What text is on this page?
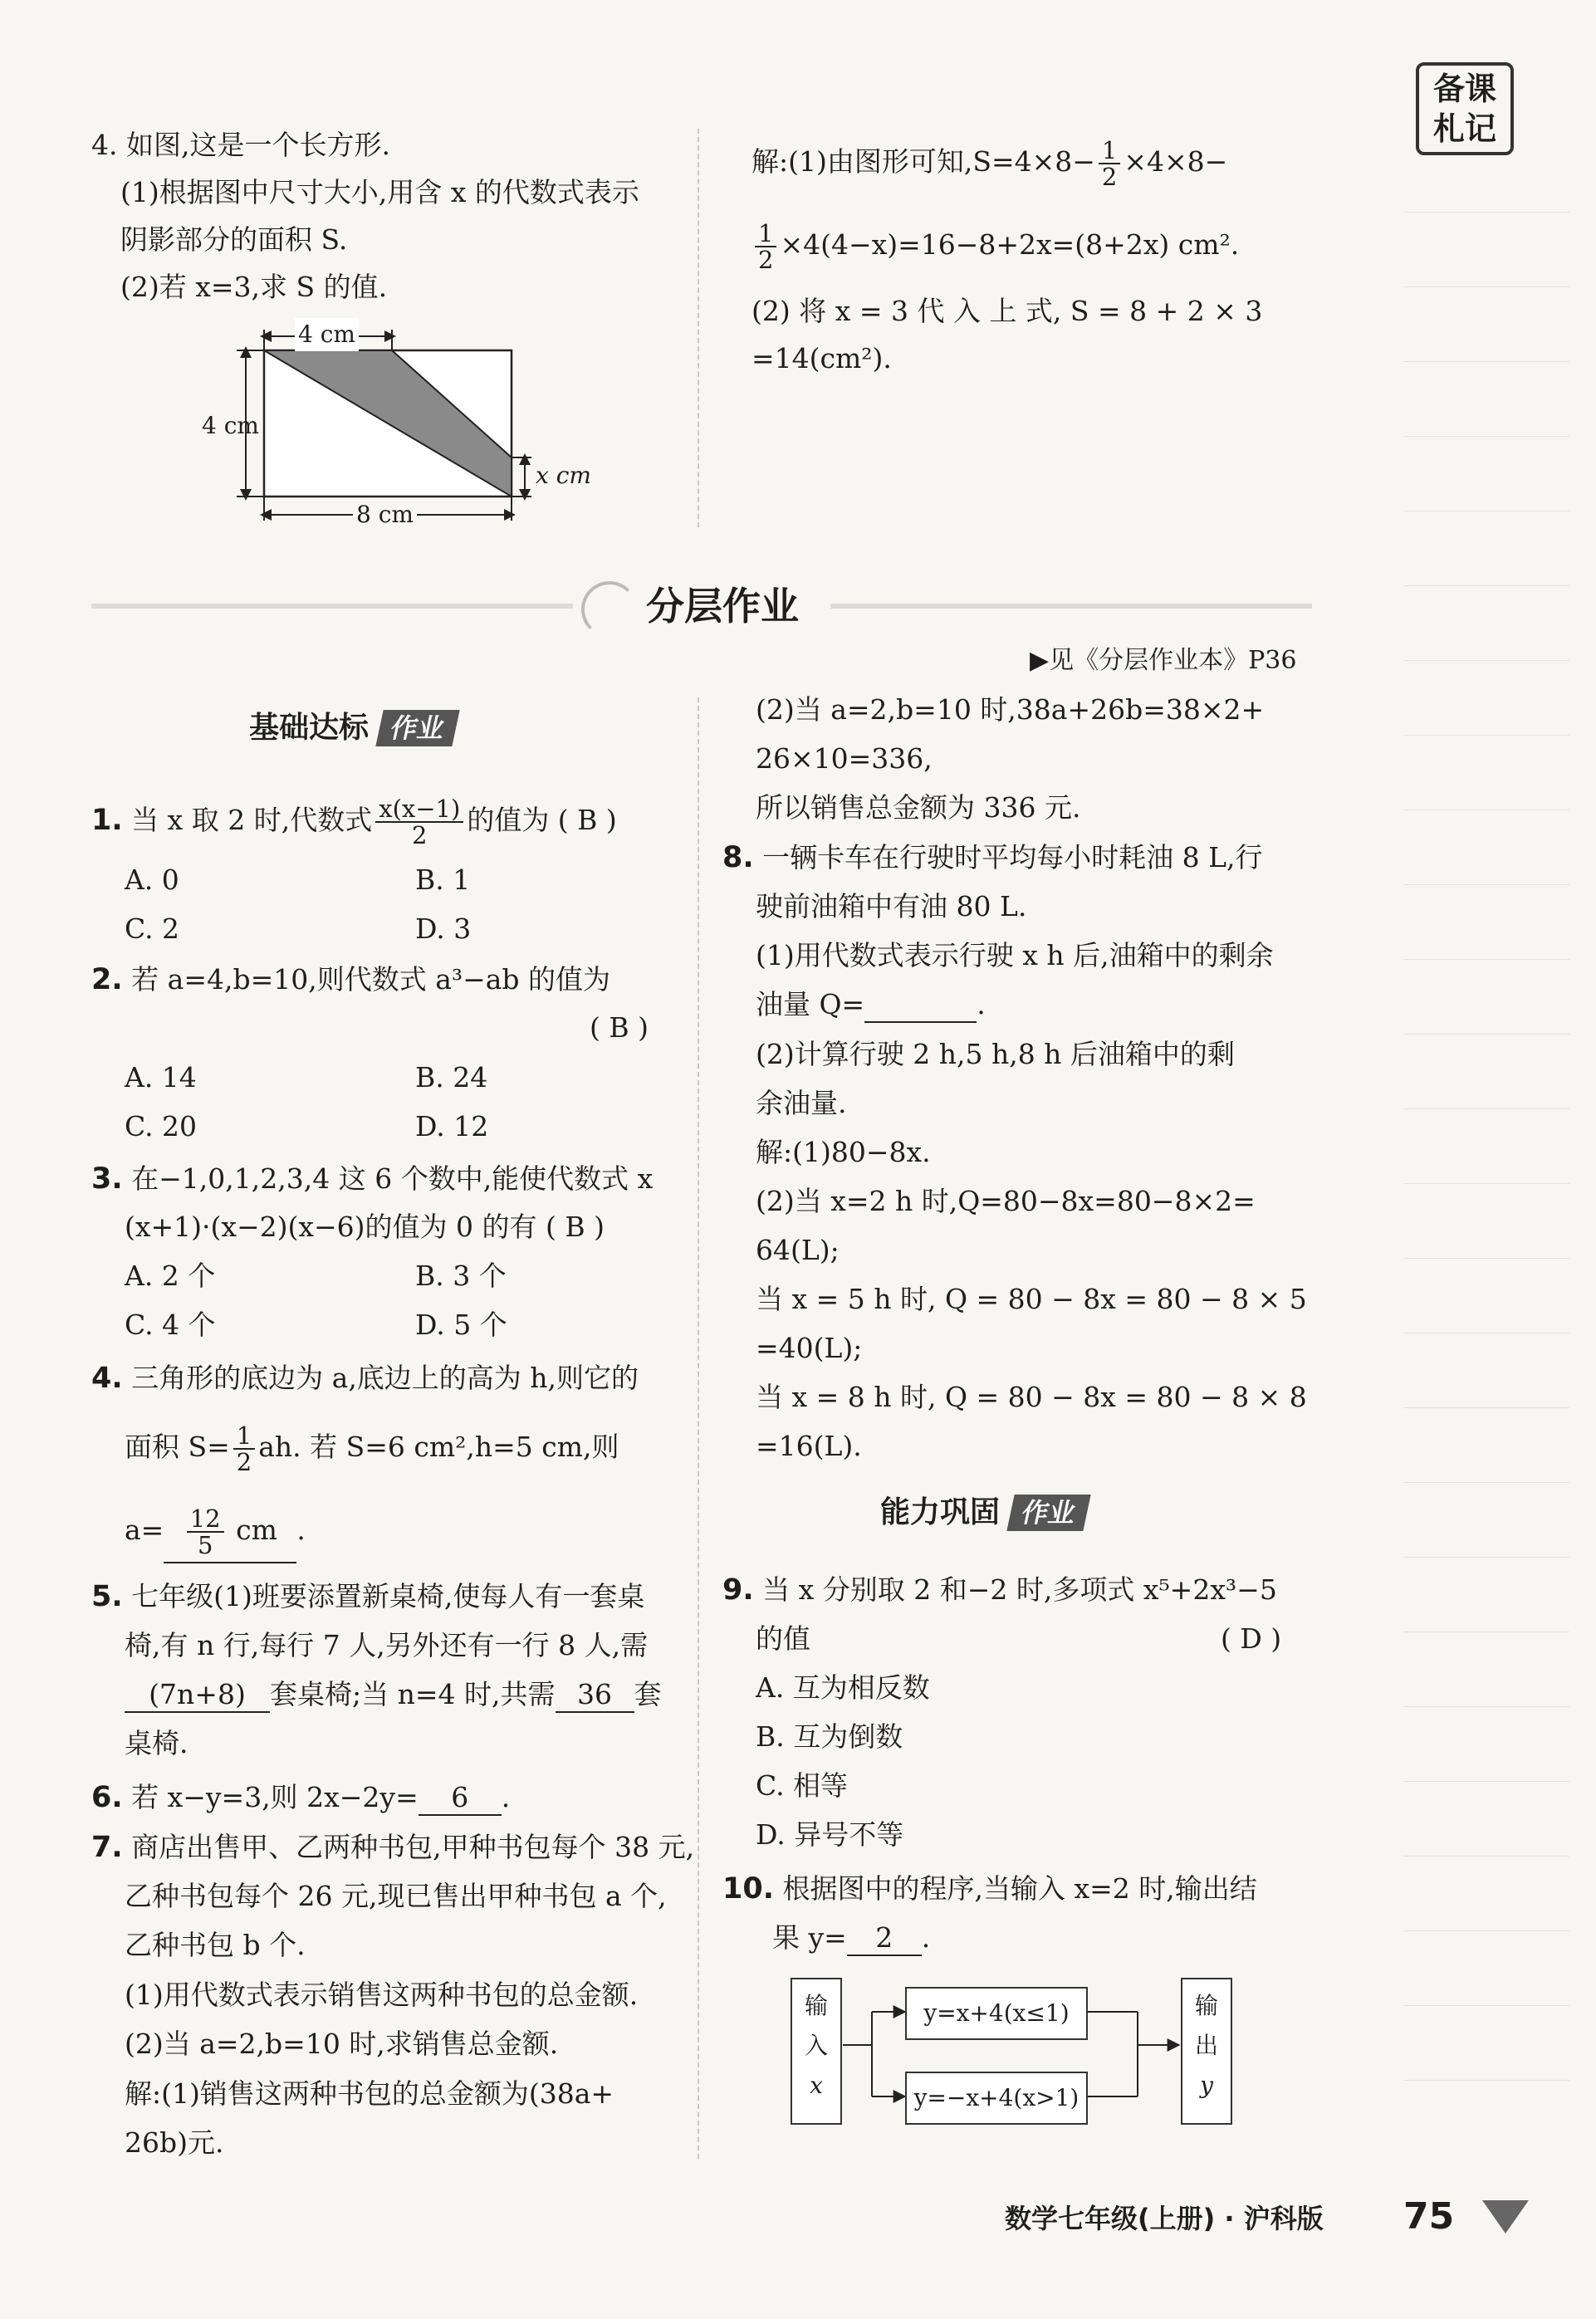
备课
札记
4. 如图,这是一个长方形.
(1)根据图中尺寸大小,用含 x 的代数式表示
阴影部分的面积 S.
(2)若 x=3,求 S 的值.
4 cm
4 cm
x cm
8 cm
解:(1)由图形可知$,S=4\times 8- \frac{1}{2} \times 4\times 8-$
$\frac{1}{2} \times 4(4-x)=16-8+2x=(8+2x)$ cm².
(2) 将 x = 3 代 入 上 式, S = 8 + 2 × 3
=14(cm²).
分层作业
▶见《分层作业本》P36
基础达标 作业
1. 当 x 取 2 时,代数式 $\frac{x(x-1)}{2}$ 的值为 ( B )
A. 0	B. 1
C. 2	D. 3
2. 若 a=4,b=10,则代数式 a³−ab 的值为
( B )
A. 14	B. 24
C. 20	D. 12
3. 在−1,0,1,2,3,4 这 6 个数中,能使代数式 x
(x+1)·(x−2)(x−6)的值为 0 的有 ( B )
A. 2 个	B. 3 个
C. 4 个	D. 5 个
4. 三角形的底边为 a,底边上的高为 h,则它的
面积 $S= \frac{1}{2}$ ah. 若 S=6 cm²,h=5 cm,则
$a= \frac{12}{5}$ cm .
5. 七年级(1)班要添置新桌椅,使每人有一套桌
椅,有 n 行,每行 7 人,另外还有一行 8 人,需
(7n+8) 套桌椅;当 n=4 时,共需 36 套
桌椅.
6. 若 x−y=3,则 2x−2y= 6 .
7. 商店出售甲、乙两种书包,甲种书包每个 38 元,
乙种书包每个 26 元,现已售出甲种书包 a 个,
乙种书包 b 个.
(1)用代数式表示销售这两种书包的总金额.
(2)当 a=2,b=10 时,求销售总金额.
解:(1)销售这两种书包的总金额为(38a+
26b)元.
(2)当 a=2,b=10 时,38a+26b=38×2+
26×10=336,
所以销售总金额为 336 元.
8. 一辆卡车在行驶时平均每小时耗油 8 L,行
驶前油箱中有油 80 L.
(1)用代数式表示行驶 x h 后,油箱中的剩余
油量 Q=	.
(2)计算行驶 2 h,5 h,8 h 后油箱中的剩
余油量.
解:(1)80−8x.
(2)当 x=2 h 时,Q=80−8x=80−8×2=
64(L);
当 x = 5 h 时, Q = 80 − 8x = 80 − 8 × 5
=40(L);
当 x = 8 h 时, Q = 80 − 8x = 80 − 8 × 8
=16(L).
能力巩固 作业
9. 当 x 分别取 2 和−2 时,多项式 x⁵+2x³−5
的值	( D )
A. 互为相反数
B. 互为倒数
C. 相等
D. 异号不等
10. 根据图中的程序,当输入 x=2 时,输出结
果 y= 2 .
输
入
x
y=x+4(x≤1)
y=−x+4(x>1)
输
出
y
数学七年级(上册) · 沪科版 75
